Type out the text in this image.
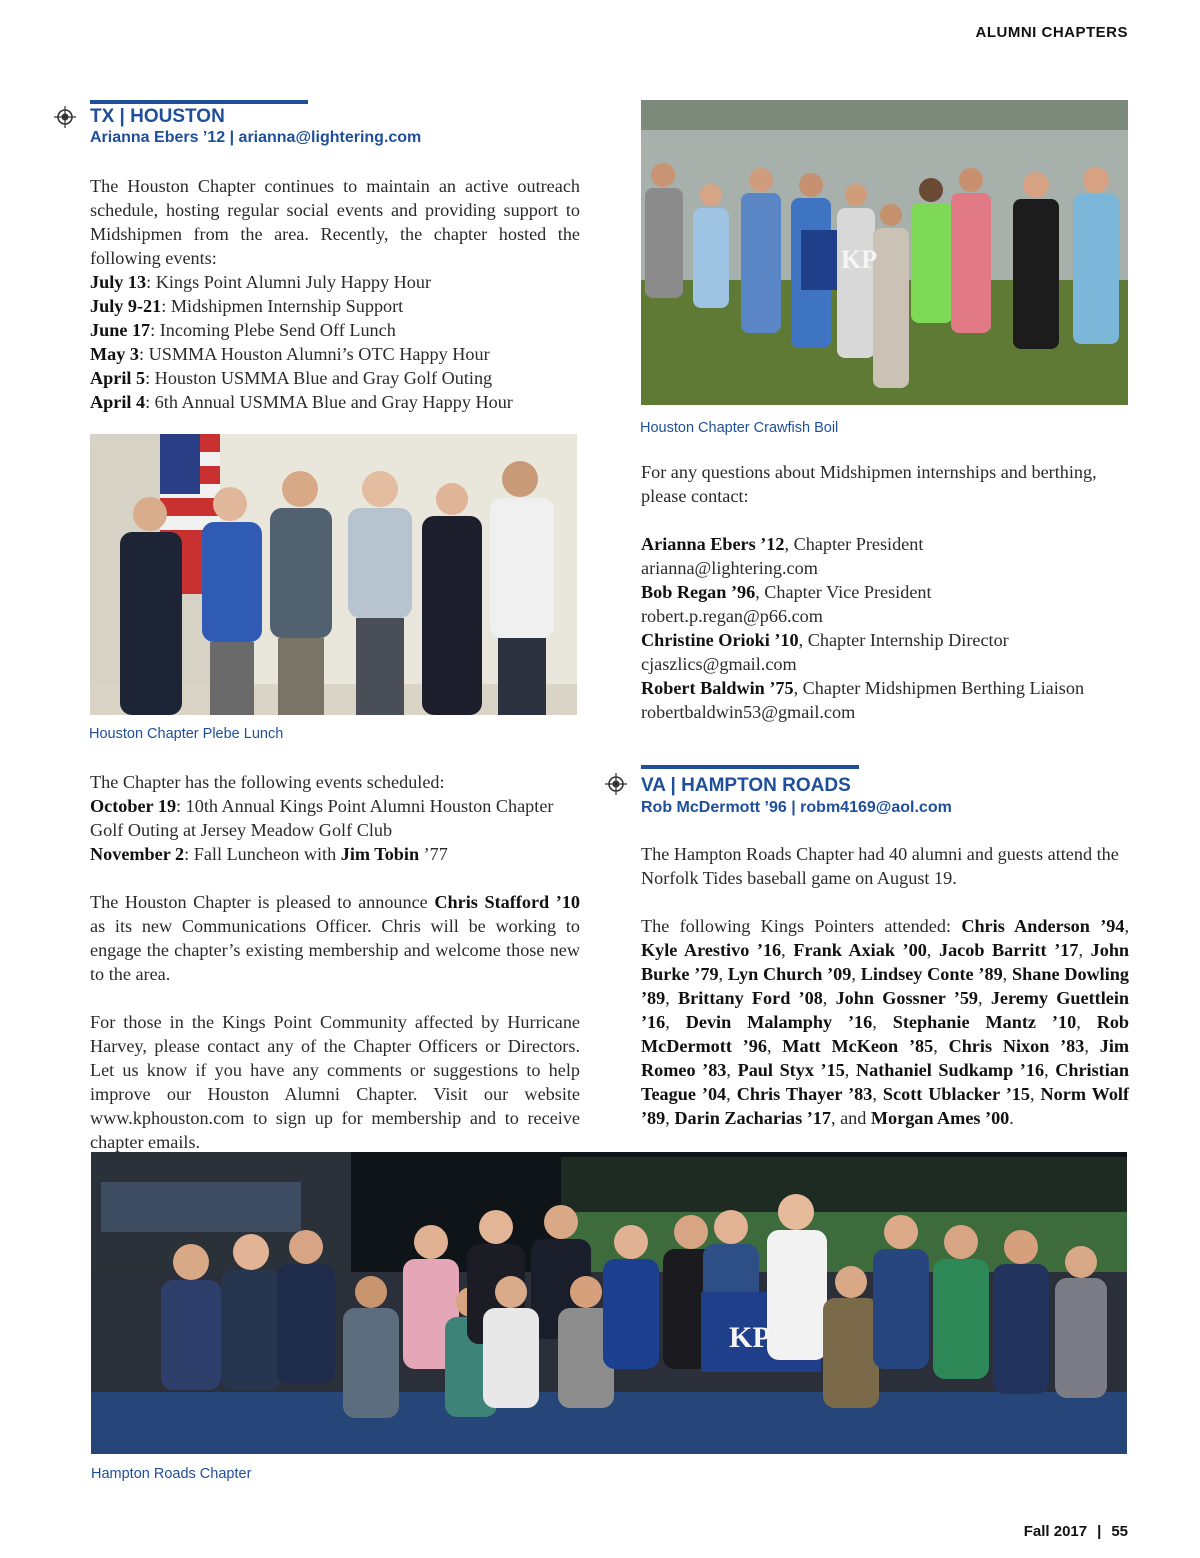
ALUMNI CHAPTERS
TX | HOUSTON
Arianna Ebers ’12 | arianna@lightering.com

The Houston Chapter continues to maintain an active outreach schedule, hosting regular social events and providing support to Midshipmen from the area. Recently, the chapter hosted the following events:

July 13: Kings Point Alumni July Happy Hour
July 9-21: Midshipmen Internship Support
June 17: Incoming Plebe Send Off Lunch
May 3: USMMA Houston Alumni’s OTC Happy Hour
April 5: Houston USMMA Blue and Gray Golf Outing
April 4: 6th Annual USMMA Blue and Gray Happy Hour
Houston Chapter Plebe Lunch

The Chapter has the following events scheduled:

October 19: 10th Annual Kings Point Alumni Houston Chapter Golf Outing at Jersey Meadow Golf Club

November 2: Fall Luncheon with Jim Tobin ’77

The Houston Chapter is pleased to announce Chris Stafford ’10 as its new Communications Officer. Chris will be working to engage the chapter’s existing membership and welcome those new to the area.

For those in the Kings Point Community affected by Hurricane Harvey, please contact any of the Chapter Officers or Directors. Let us know if you have any comments or suggestions to help improve our Houston Alumni Chapter. Visit our website www.kphouston.com to sign up for membership and to receive chapter emails.

KP
Houston Chapter Crawfish Boil

For any questions about Midshipmen internships and berthing, please contact:

Arianna Ebers ’12, Chapter President

arianna@lightering.com

Bob Regan ’96, Chapter Vice President

robert.p.regan@p66.com

Christine Orioki ’10, Chapter Internship Director

cjaszlics@gmail.com

Robert Baldwin ’75, Chapter Midshipmen Berthing Liaison

robertbaldwin53@gmail.com

VA | HAMPTON ROADS
Rob McDermott ’96 | robm4169@aol.com

The Hampton Roads Chapter had 40 alumni and guests attend the Norfolk Tides baseball game on August 19.

The following Kings Pointers attended: Chris Anderson ’94, Kyle Arestivo ’16, Frank Axiak ’00, Jacob Barritt ’17, John Burke ’79, Lyn Church ’09, Lindsey Conte ’89, Shane Dowling ’89, Brittany Ford ’08, John Gossner ’59, Jeremy Guettlein ’16, Devin Malamphy ’16, Stephanie Mantz ’10, Rob McDermott ’96, Matt McKeon ’85, Chris Nixon ’83, Jim Romeo ’83, Paul Styx ’15, Nathaniel Sudkamp ’16, Christian Teague ’04, Chris Thayer ’83, Scott Ublacker ’15, Norm Wolf ’89, Darin Zacharias ’17, and Morgan Ames ’00.

KP
Hampton Roads Chapter
Fall 2017 | 55
